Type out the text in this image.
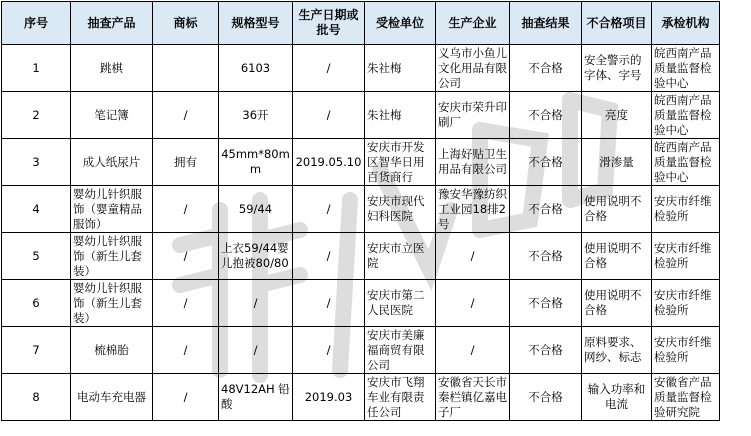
序号	抽查产品	商标	规格型号	生产日期或批号	受检单位	生产企业	抽查结果	不合格项目	承检机构
1	跳棋		6103	/	朱社梅	义乌市小鱼儿文化用品有限公司	不合格	安全警示的字体、字号	皖西南产品质量监督检验中心
2	笔记簿	/	36开	/	朱社梅	安庆市荣升印刷厂	不合格	亮度	皖西南产品质量监督检验中心
3	成人纸尿片	拥有	45mm*80mm	2019.05.10	安庆市开发区智华日用百货商行	上海好贴卫生用品有限公司	不合格	滑渗量	皖西南产品质量监督检验中心
4	婴幼儿针织服饰（婴童精品服饰）	/	59/44	/	安庆市现代妇科医院	豫安华豫纺织工业园18排2号	不合格	使用说明不合格	安庆市纤维检验所
5	婴幼儿针织服饰（新生儿套装）	/	上衣59/44婴儿抱被80/80	/	安庆市立医院	/	不合格	使用说明不合格	安庆市纤维检验所
6	婴幼儿针织服饰（新生儿套装）	/	/	/	安庆市第二人民医院	/	不合格	使用说明不合格	安庆市纤维检验所
7	梳棉胎	/	/	/	安庆市美廉福商贸有限公司	/	不合格	原料要求、网纱、标志	安庆市纤维检验所
8	电动车充电器	/	48V12AH 铅酸	2019.03	安庆市飞翔车业有限责任公司	安徽省天长市秦栏镇亿嘉电子厂	不合格	输入功率和电流	安徽省产品质量监督检验研究院
